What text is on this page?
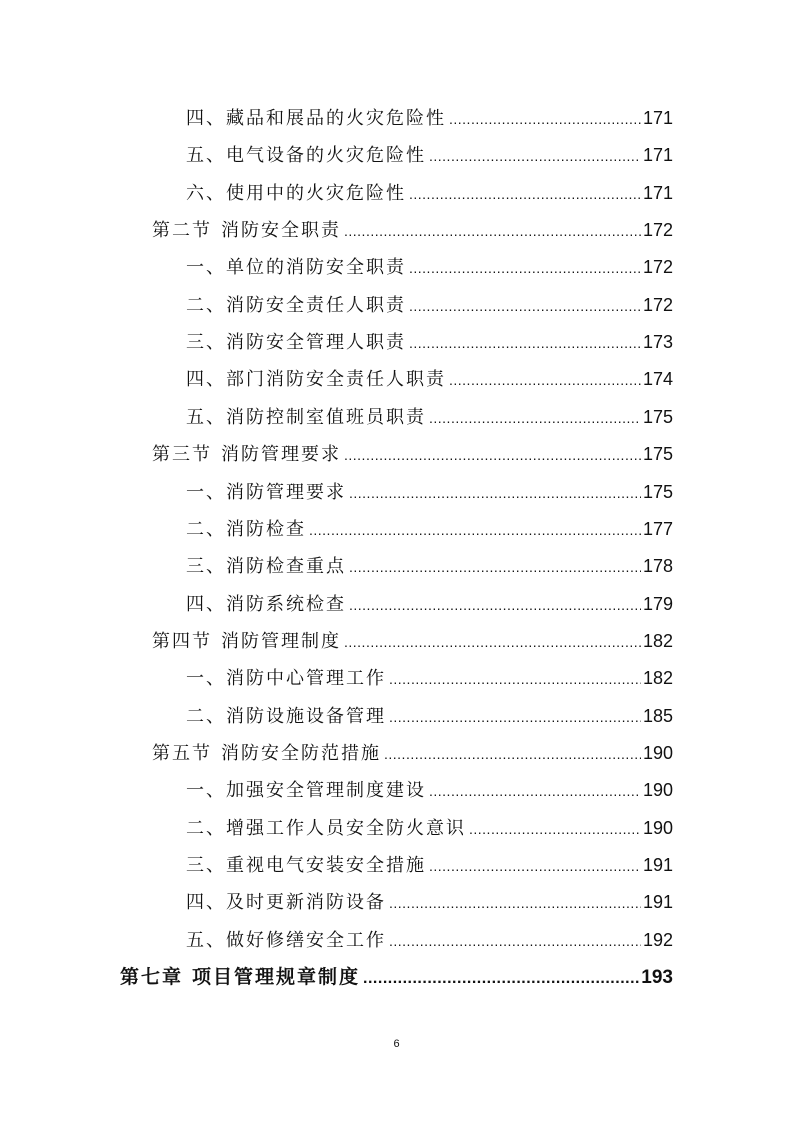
四、藏品和展品的火灾危险性 .....	171
五、电气设备的火灾危险性 .....	171
六、使用中的火灾危险性 .....	171
第二节 消防安全职责 .....	172
一、单位的消防安全职责 .....	172
二、消防安全责任人职责 .....	172
三、消防安全管理人职责 .....	173
四、部门消防安全责任人职责 .....	174
五、消防控制室值班员职责 .....	175
第三节 消防管理要求 .....	175
一、消防管理要求 .....	175
二、消防检查 .....	177
三、消防检查重点 .....	178
四、消防系统检查 .....	179
第四节 消防管理制度 .....	182
一、消防中心管理工作 .....	182
二、消防设施设备管理 .....	185
第五节 消防安全防范措施 .....	190
一、加强安全管理制度建设 .....	190
二、增强工作人员安全防火意识 .....	190
三、重视电气安装安全措施 .....	191
四、及时更新消防设备 .....	191
五、做好修缮安全工作 .....	192
第七章 项目管理规章制度 .....	193
6
